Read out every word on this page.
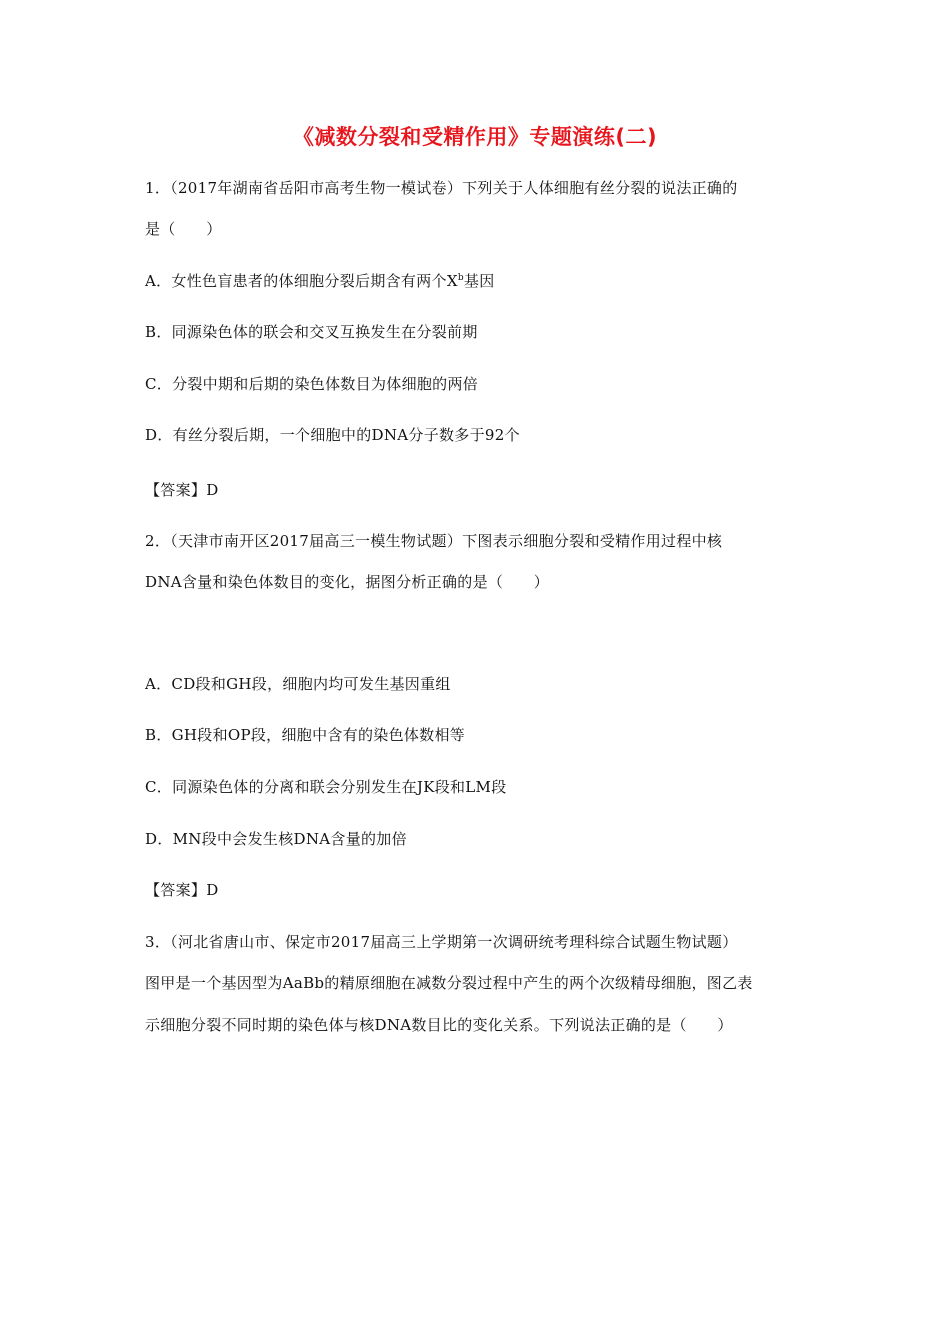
《减数分裂和受精作用》专题演练(二)
1．（2017年湖南省岳阳市高考生物一模试卷）下列关于人体细胞有丝分裂的说法正确的
是（　　）
A．女性色盲患者的体细胞分裂后期含有两个$X^b$基因
B．同源染色体的联会和交叉互换发生在分裂前期
C．分裂中期和后期的染色体数目为体细胞的两倍
D．有丝分裂后期，一个细胞中的DNA分子数多于92个
【答案】D
2．（天津市南开区2017届高三一模生物试题）下图表示细胞分裂和受精作用过程中核
DNA含量和染色体数目的变化，据图分析正确的是（　　）
A．CD段和GH段，细胞内均可发生基因重组
B．GH段和OP段，细胞中含有的染色体数相等
C．同源染色体的分离和联会分别发生在JK段和LM段
D．MN段中会发生核DNA含量的加倍
【答案】D
3．（河北省唐山市、保定市2017届高三上学期第一次调研统考理科综合试题生物试题）
图甲是一个基因型为AaBb的精原细胞在减数分裂过程中产生的两个次级精母细胞，图乙表
示细胞分裂不同时期的染色体与核DNA数目比的变化关系。下列说法正确的是（　　）
